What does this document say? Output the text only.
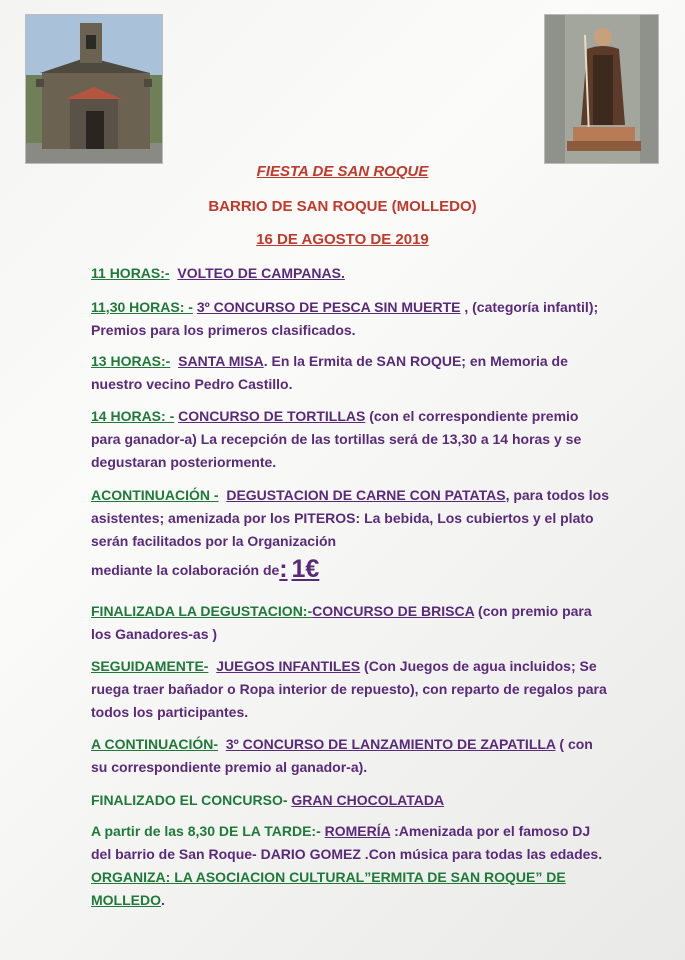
FIESTA DE SAN ROQUE
BARRIO DE SAN ROQUE (MOLLEDO)
16 DE AGOSTO DE 2019
11 HORAS:- VOLTEO DE CAMPANAS.
11,30 HORAS: - 3º CONCURSO DE PESCA SIN MUERTE , (categoría infantil); Premios para los primeros clasificados.
13 HORAS:- SANTA MISA. En la Ermita de SAN ROQUE; en Memoria de nuestro vecino Pedro Castillo.
14 HORAS: - CONCURSO DE TORTILLAS (con el correspondiente premio para ganador-a) La recepción de las tortillas será de 13,30 a 14 horas y se degustaran posteriormente.
ACONTINUACIÓN - DEGUSTACION DE CARNE CON PATATAS, para todos los asistentes; amenizada por los PITEROS: La bebida, Los cubiertos y el plato serán facilitados por la Organización
mediante la colaboración de: 1€
FINALIZADA LA DEGUSTACION:-CONCURSO DE BRISCA (con premio para los Ganadores-as )
SEGUIDAMENTE- JUEGOS INFANTILES (Con Juegos de agua incluidos; Se ruega traer bañador o Ropa interior de repuesto), con reparto de regalos para todos los participantes.
A CONTINUACIÓN- 3º CONCURSO DE LANZAMIENTO DE ZAPATILLA ( con su correspondiente premio al ganador-a).
FINALIZADO EL CONCURSO- GRAN CHOCOLATADA
A partir de las 8,30 DE LA TARDE:- ROMERÍA :Amenizada por el famoso DJ del barrio de San Roque- DARIO GOMEZ .Con música para todas las edades. ORGANIZA: LA ASOCIACION CULTURAL”ERMITA DE SAN ROQUE” DE MOLLEDO.
